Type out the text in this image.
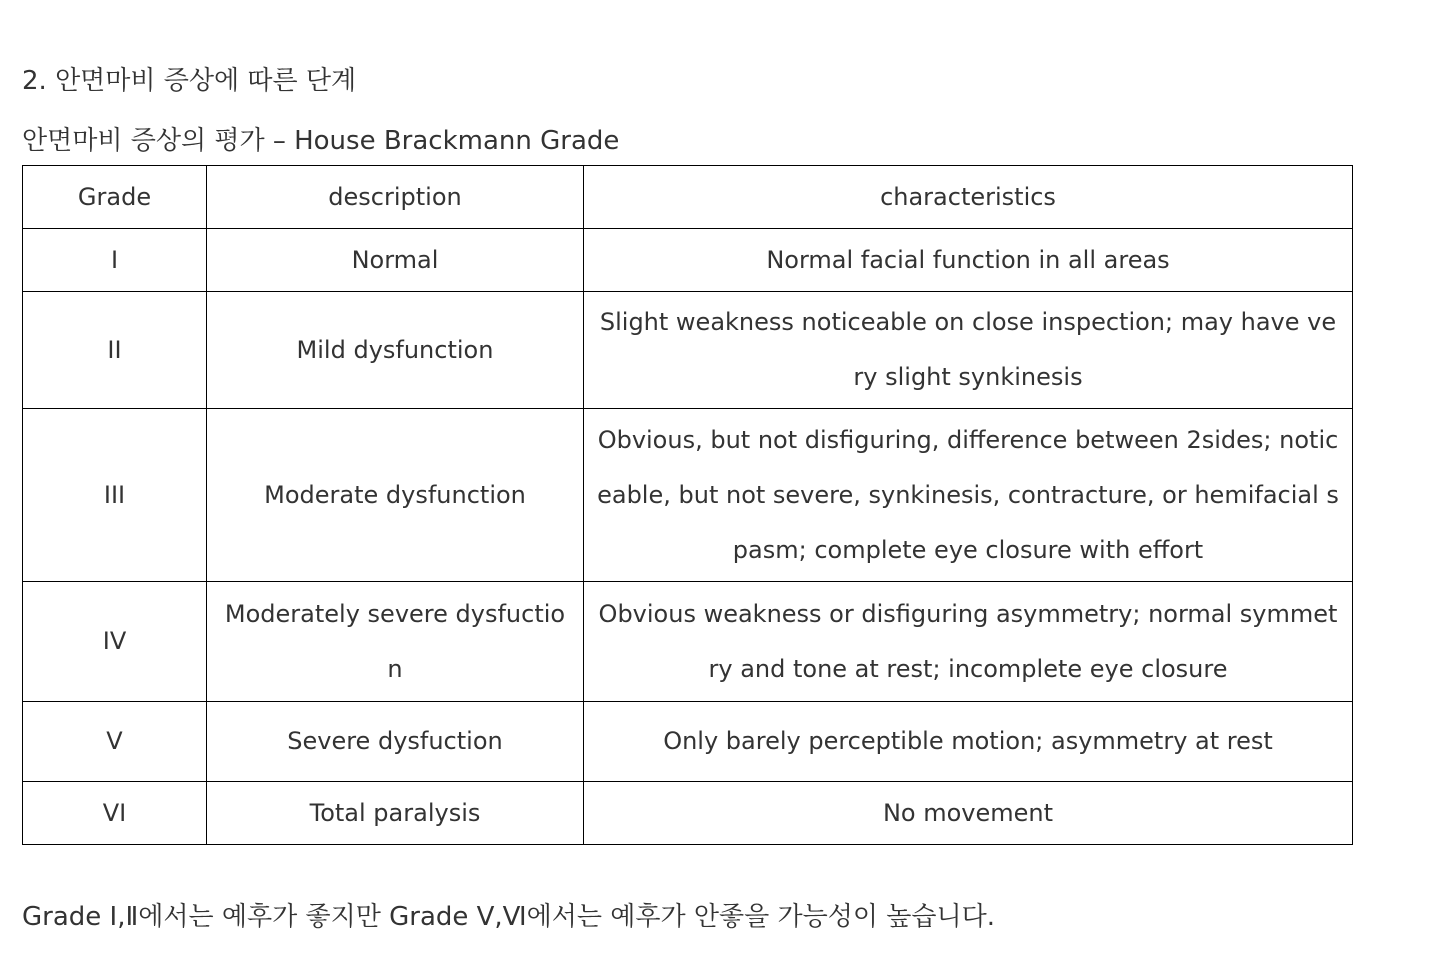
2. 안면마비 증상에 따른 단계
안면마비 증상의 평가 – House Brackmann Grade
Grade	description	characteristics
I	Normal	Normal facial function in all areas
II	Mild dysfunction	Slight weakness noticeable on close inspection; may have very slight synkinesis
III	Moderate dysfunction	Obvious, but not disfiguring, difference between 2sides; noticeable, but not severe, synkinesis, contracture, or hemifacial spasm; complete eye closure with effort
IV	Moderately severe dysfuction	Obvious weakness or disfiguring asymmetry; normal symmetry and tone at rest; incomplete eye closure
V	Severe dysfuction	Only barely perceptible motion; asymmetry at rest
VI	Total paralysis	No movement
Grade Ⅰ,Ⅱ에서는 예후가 좋지만 Grade Ⅴ,Ⅵ에서는 예후가 안좋을 가능성이 높습니다.
